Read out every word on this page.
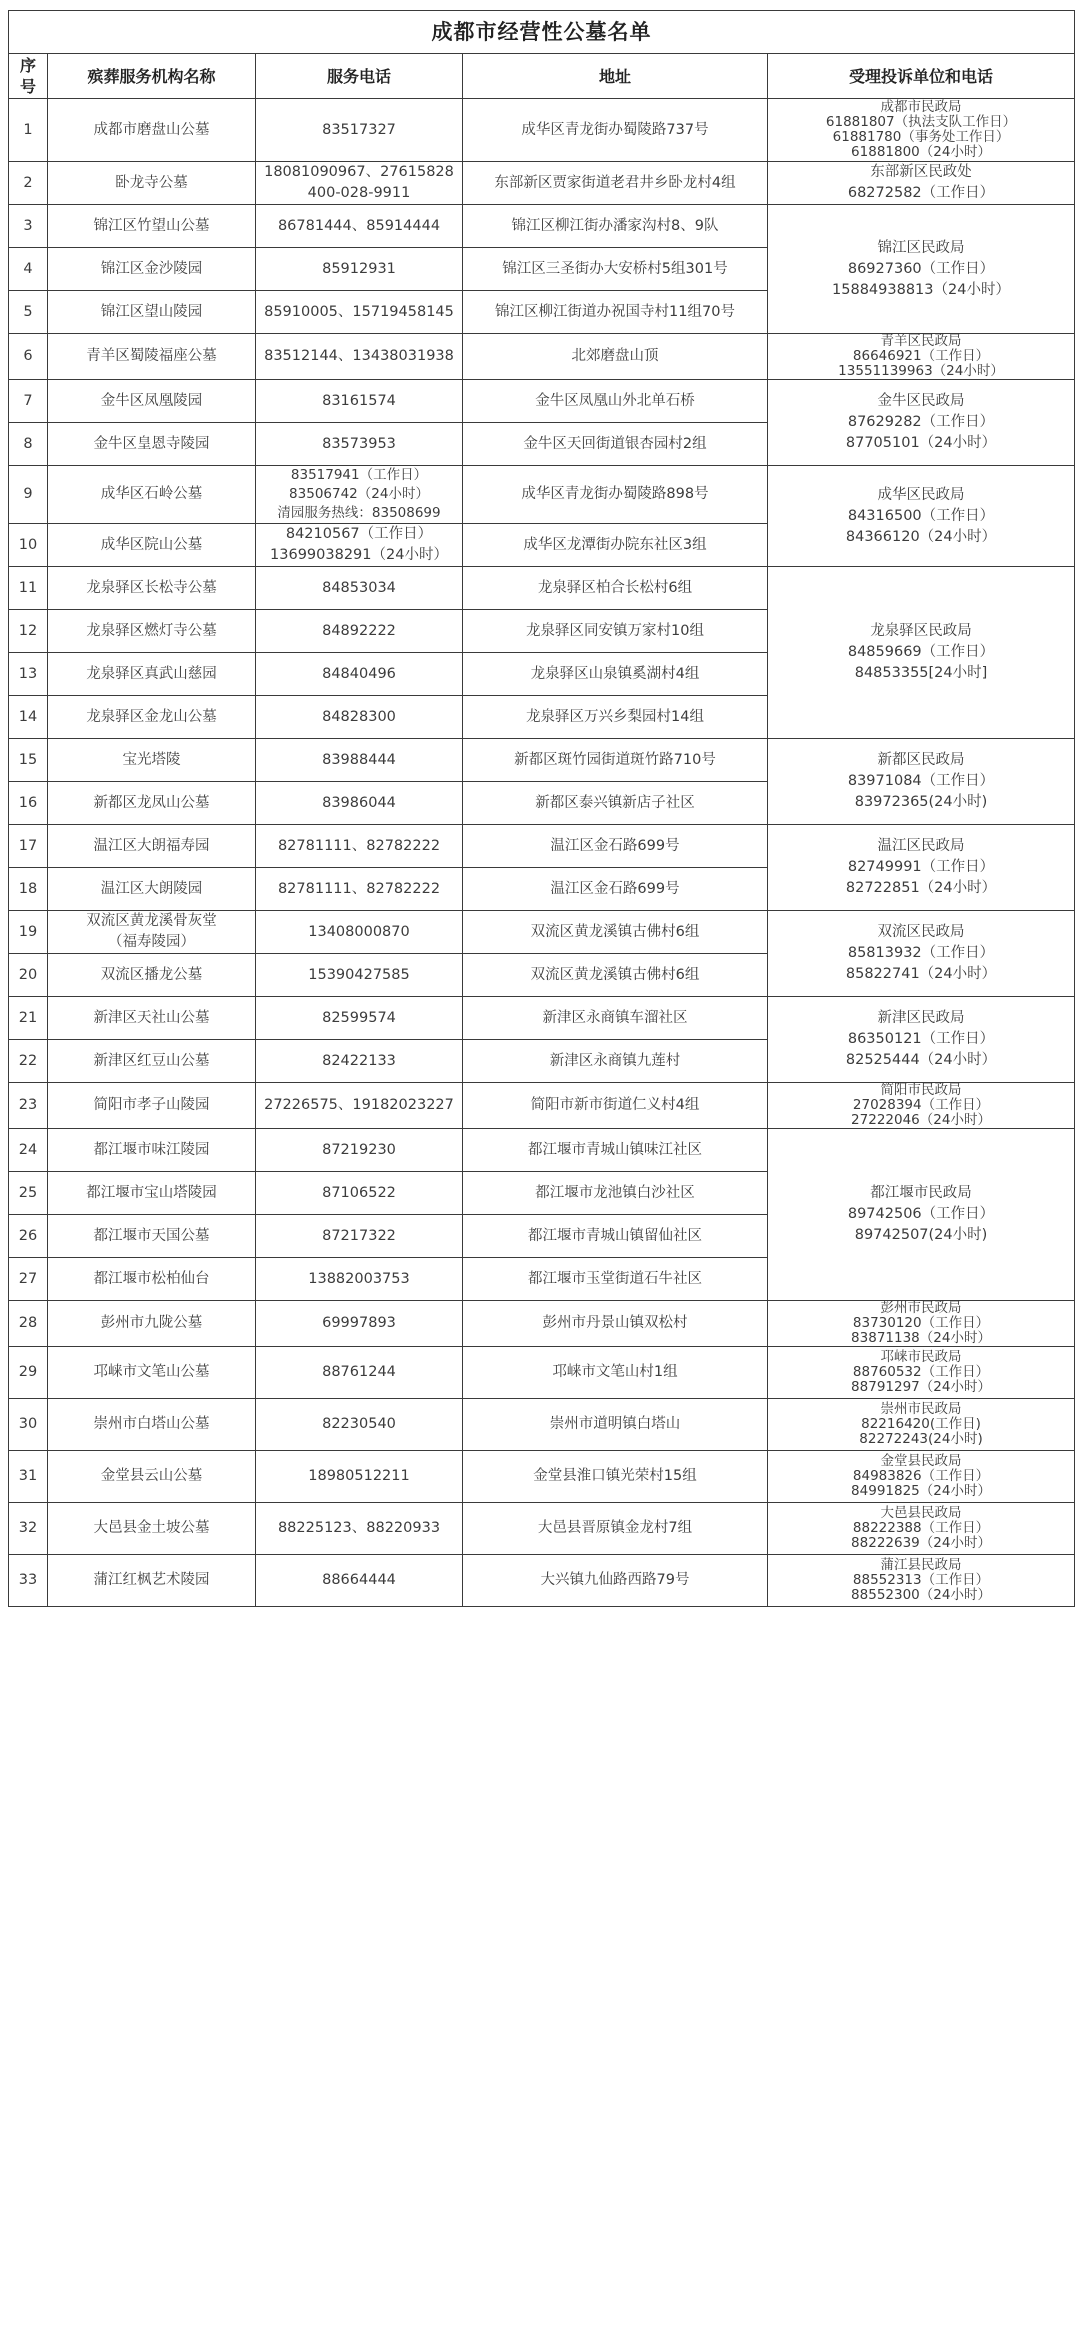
成都市经营性公墓名单				
序号	殡葬服务机构名称	服务电话	地址	受理投诉单位和电话
1	成都市磨盘山公墓	83517327	成华区青龙街办蜀陵路737号	成都市民政局
61881807（执法支队工作日）
61881780（事务处工作日）
61881800（24小时）

2	卧龙寺公墓	18081090967、27615828
400-028-9911	东部新区贾家街道老君井乡卧龙村4组	东部新区民政处
68272582（工作日）

3	锦江区竹望山公墓	86781444、85914444	锦江区柳江街办潘家沟村8、9队	锦江区民政局
86927360（工作日）
15884938813（24小时）

4	锦江区金沙陵园	85912931	锦江区三圣街办大安桥村5组301号	

5	锦江区望山陵园	85910005、15719458145	锦江区柳江街道办祝国寺村11组70号	

6	青羊区蜀陵福座公墓	83512144、13438031938	北郊磨盘山顶	青羊区民政局
86646921（工作日）
13551139963（24小时）

7	金牛区凤凰陵园	83161574	金牛区凤凰山外北单石桥	金牛区民政局
87629282（工作日）
87705101（24小时）

8	金牛区皇恩寺陵园	83573953	金牛区天回街道银杏园村2组	

9	成华区石岭公墓	83517941（工作日）
83506742（24小时）
清园服务热线：83508699	成华区青龙街办蜀陵路898号	成华区民政局
84316500（工作日）
84366120（24小时）

10	成华区院山公墓	84210567（工作日）
13699038291（24小时）	成华区龙潭街办院东社区3组	

11	龙泉驿区长松寺公墓	84853034	龙泉驿区柏合长松村6组	龙泉驿区民政局
84859669（工作日）
84853355[24小时]

12	龙泉驿区燃灯寺公墓	84892222	龙泉驿区同安镇万家村10组	

13	龙泉驿区真武山慈园	84840496	龙泉驿区山泉镇奚湖村4组	

14	龙泉驿区金龙山公墓	84828300	龙泉驿区万兴乡梨园村14组	

15	宝光塔陵	83988444	新都区斑竹园街道斑竹路710号	新都区民政局
83971084（工作日）
83972365(24小时)

16	新都区龙凤山公墓	83986044	新都区泰兴镇新店子社区	

17	温江区大朗福寿园	82781111、82782222	温江区金石路699号	温江区民政局
82749991（工作日）
82722851（24小时）

18	温江区大朗陵园	82781111、82782222	温江区金石路699号	

19	双流区黄龙溪骨灰堂
（福寿陵园）	13408000870	双流区黄龙溪镇古佛村6组	双流区民政局
85813932（工作日）
85822741（24小时）

20	双流区播龙公墓	15390427585	双流区黄龙溪镇古佛村6组	

21	新津区天社山公墓	82599574	新津区永商镇车溜社区	新津区民政局
86350121（工作日）
82525444（24小时）

22	新津区红豆山公墓	82422133	新津区永商镇九莲村	

23	简阳市孝子山陵园	27226575、19182023227	简阳市新市街道仁义村4组	简阳市民政局
27028394（工作日）
27222046（24小时）

24	都江堰市味江陵园	87219230	都江堰市青城山镇味江社区	都江堰市民政局
89742506（工作日）
89742507(24小时)

25	都江堰市宝山塔陵园	87106522	都江堰市龙池镇白沙社区	

26	都江堰市天国公墓	87217322	都江堰市青城山镇留仙社区	

27	都江堰市松柏仙台	13882003753	都江堰市玉堂街道石牛社区	

28	彭州市九陇公墓	69997893	彭州市丹景山镇双松村	彭州市民政局
83730120（工作日）
83871138（24小时）

29	邛崃市文笔山公墓	88761244	邛崃市文笔山村1组	邛崃市民政局
88760532（工作日）
88791297（24小时）

30	崇州市白塔山公墓	82230540	崇州市道明镇白塔山	崇州市民政局
82216420(工作日)
82272243(24小时)

31	金堂县云山公墓	18980512211	金堂县淮口镇光荣村15组	金堂县民政局
84983826（工作日）
84991825（24小时）

32	大邑县金土坡公墓	88225123、88220933	大邑县晋原镇金龙村7组	大邑县民政局
88222388（工作日）
88222639（24小时）

33	蒲江红枫艺术陵园	88664444	大兴镇九仙路西路79号	蒲江县民政局
88552313（工作日）
88552300（24小时）
